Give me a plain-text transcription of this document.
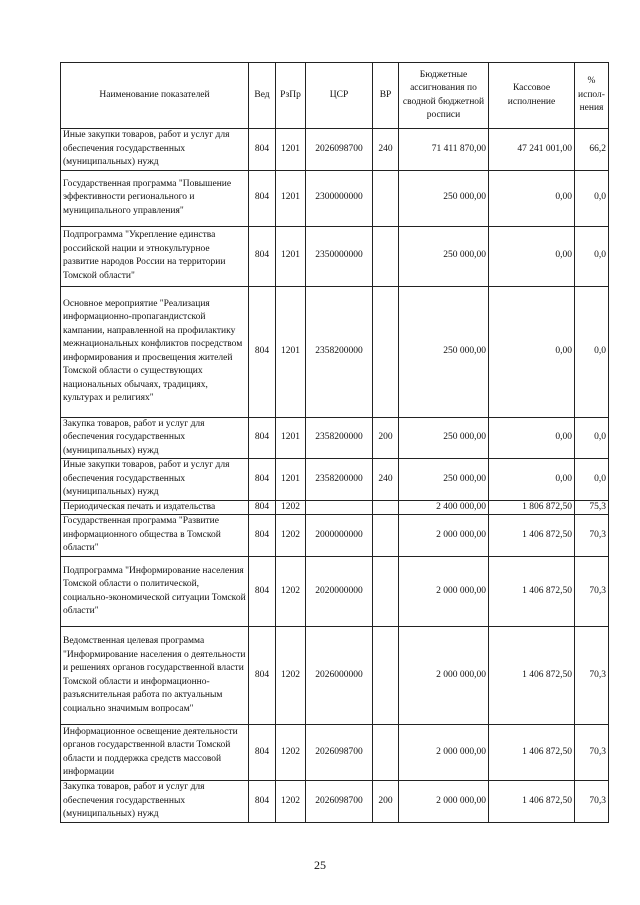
Наименование показателей	Вед	РзПр	ЦСР	ВР	Бюджетные ассигнования по сводной бюджетной росписи	Кассовое исполнение	% испол-нения
Иные закупки товаров, работ и услуг для обеспечения государственных (муниципальных) нужд	804	1201	2026098700	240	71 411 870,00	47 241 001,00	66,2
Государственная программа "Повышение эффективности регионального и муниципального управления"	804	1201	2300000000		250 000,00	0,00	0,0
Подпрограмма "Укрепление единства российской нации и этнокультурное развитие народов России на территории Томской области"	804	1201	2350000000		250 000,00	0,00	0,0
Основное мероприятие "Реализация информационно-пропагандистской кампании, направленной на профилактику межнациональных конфликтов посредством информирования и просвещения жителей Томской области о существующих национальных обычаях, традициях, культурах и религиях"	804	1201	2358200000		250 000,00	0,00	0,0
Закупка товаров, работ и услуг для обеспечения государственных (муниципальных) нужд	804	1201	2358200000	200	250 000,00	0,00	0,0
Иные закупки товаров, работ и услуг для обеспечения государственных (муниципальных) нужд	804	1201	2358200000	240	250 000,00	0,00	0,0
Периодическая печать и издательства	804	1202			2 400 000,00	1 806 872,50	75,3
Государственная программа "Развитие информационного общества в Томской области"	804	1202	2000000000		2 000 000,00	1 406 872,50	70,3
Подпрограмма "Информирование населения Томской области о политической, социально-экономической ситуации Томской области"	804	1202	2020000000		2 000 000,00	1 406 872,50	70,3
Ведомственная целевая программа "Информирование населения о деятельности и решениях органов государственной власти Томской области и информационно-разъяснительная работа по актуальным социально значимым вопросам"	804	1202	2026000000		2 000 000,00	1 406 872,50	70,3
Информационное освещение деятельности органов государственной власти Томской области и поддержка средств массовой информации	804	1202	2026098700		2 000 000,00	1 406 872,50	70,3
Закупка товаров, работ и услуг для обеспечения государственных (муниципальных) нужд	804	1202	2026098700	200	2 000 000,00	1 406 872,50	70,3
25
